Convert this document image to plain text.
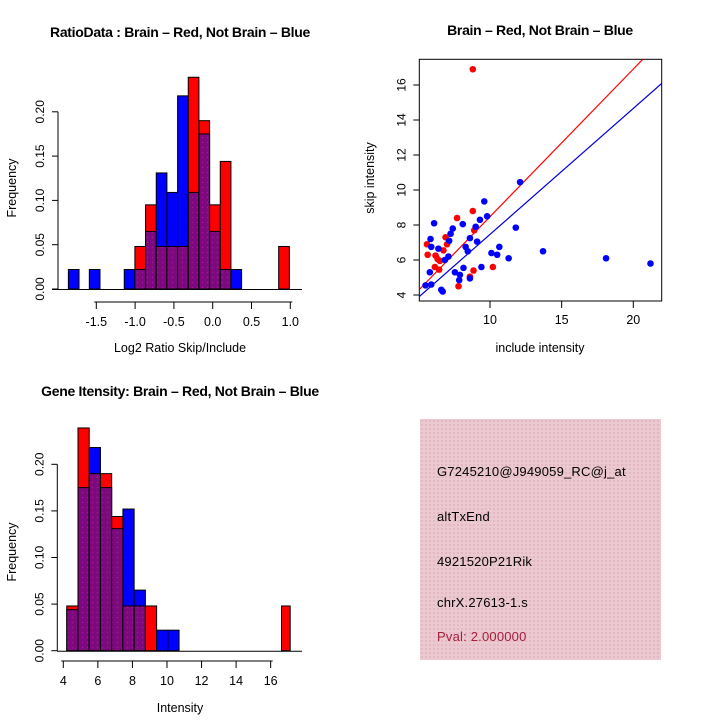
0.00
0.05
0.10
0.15
0.20
-1.5 -1.0 -0.5 0.0 0.5 1.0
RatioData : Brain – Red, Not Brain – Blue
Log2 Ratio Skip/Include
Frequency
10	15	20
4
6
8
10
12
14
16
Brain – Red, Not Brain – Blue
include intensity
skip intensity
0.00
0.05
0.10
0.15
0.20
4 6 8 10 12 14 16
Gene Itensity: Brain – Red, Not Brain – Blue
Intensity
Frequency
G7245210@J949059_RC@j_at
altTxEnd
4921520P21Rik
chrX.27613-1.s
Pval: 2.000000
